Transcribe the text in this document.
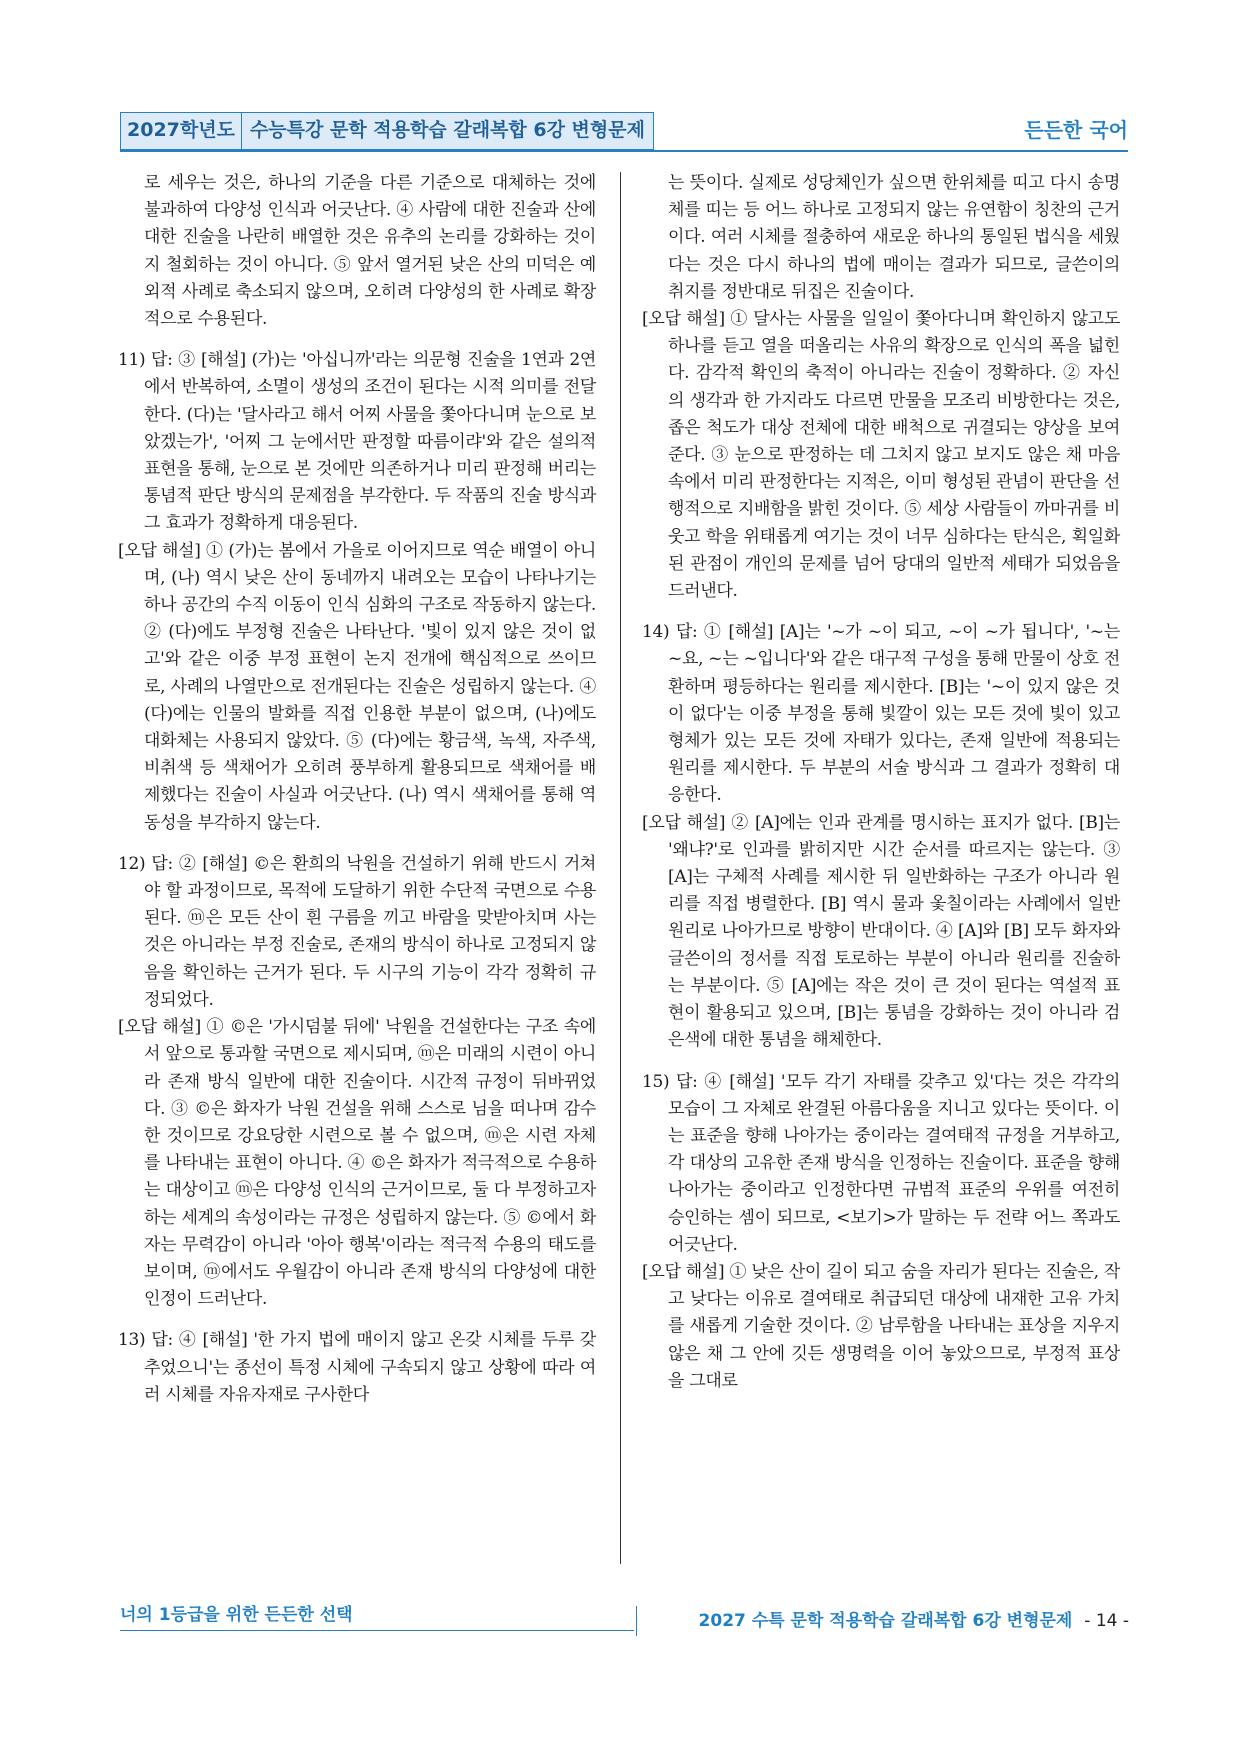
2027학년도 수능특강 문학 적용학습 갈래복합 6강 변형문제	든든한 국어

로 세우는 것은, 하나의 기준을 다른 기준으로 대체하는 것에 불과하여 다양성 인식과 어긋난다. ④ 사람에 대한 진술과 산에 대한 진술을 나란히 배열한 것은 유추의 논리를 강화하는 것이지 철회하는 것이 아니다. ⑤ 앞서 열거된 낮은 산의 미덕은 예외적 사례로 축소되지 않으며, 오히려 다양성의 한 사례로 확장적으로 수용된다.

11) 답: ③ [해설] (가)는 '아십니까'라는 의문형 진술을 1연과 2연에서 반복하여, 소멸이 생성의 조건이 된다는 시적 의미를 전달한다. (다)는 '달사라고 해서 어찌 사물을 쫓아다니며 눈으로 보았겠는가', '어찌 그 눈에서만 판정할 따름이랴'와 같은 설의적 표현을 통해, 눈으로 본 것에만 의존하거나 미리 판정해 버리는 통념적 판단 방식의 문제점을 부각한다. 두 작품의 진술 방식과 그 효과가 정확하게 대응된다.

[오답 해설] ① (가)는 봄에서 가을로 이어지므로 역순 배열이 아니며, (나) 역시 낮은 산이 동네까지 내려오는 모습이 나타나기는 하나 공간의 수직 이동이 인식 심화의 구조로 작동하지 않는다. ② (다)에도 부정형 진술은 나타난다. '빛이 있지 않은 것이 없고'와 같은 이중 부정 표현이 논지 전개에 핵심적으로 쓰이므로, 사례의 나열만으로 전개된다는 진술은 성립하지 않는다. ④ (다)에는 인물의 발화를 직접 인용한 부분이 없으며, (나)에도 대화체는 사용되지 않았다. ⑤ (다)에는 황금색, 녹색, 자주색, 비취색 등 색채어가 오히려 풍부하게 활용되므로 색채어를 배제했다는 진술이 사실과 어긋난다. (나) 역시 색채어를 통해 역동성을 부각하지 않는다.

12) 답: ② [해설] ©은 환희의 낙원을 건설하기 위해 반드시 거쳐야 할 과정이므로, 목적에 도달하기 위한 수단적 국면으로 수용된다. ⓜ은 모든 산이 흰 구름을 끼고 바람을 맞받아치며 사는 것은 아니라는 부정 진술로, 존재의 방식이 하나로 고정되지 않음을 확인하는 근거가 된다. 두 시구의 기능이 각각 정확히 규정되었다.

[오답 해설] ① ©은 '가시덤불 뒤에' 낙원을 건설한다는 구조 속에서 앞으로 통과할 국면으로 제시되며, ⓜ은 미래의 시련이 아니라 존재 방식 일반에 대한 진술이다. 시간적 규정이 뒤바뀌었다. ③ ©은 화자가 낙원 건설을 위해 스스로 님을 떠나며 감수한 것이므로 강요당한 시련으로 볼 수 없으며, ⓜ은 시련 자체를 나타내는 표현이 아니다. ④ ©은 화자가 적극적으로 수용하는 대상이고 ⓜ은 다양성 인식의 근거이므로, 둘 다 부정하고자 하는 세계의 속성이라는 규정은 성립하지 않는다. ⑤ ©에서 화자는 무력감이 아니라 '아아 행복'이라는 적극적 수용의 태도를 보이며, ⓜ에서도 우월감이 아니라 존재 방식의 다양성에 대한 인정이 드러난다.

13) 답: ④ [해설] '한 가지 법에 매이지 않고 온갖 시체를 두루 갖추었으니'는 종선이 특정 시체에 구속되지 않고 상황에 따라 여러 시체를 자유자재로 구사한다

는 뜻이다. 실제로 성당체인가 싶으면 한위체를 띠고 다시 송명체를 띠는 등 어느 하나로 고정되지 않는 유연함이 칭찬의 근거이다. 여러 시체를 절충하여 새로운 하나의 통일된 법식을 세웠다는 것은 다시 하나의 법에 매이는 결과가 되므로, 글쓴이의 취지를 정반대로 뒤집은 진술이다.

[오답 해설] ① 달사는 사물을 일일이 쫓아다니며 확인하지 않고도 하나를 듣고 열을 떠올리는 사유의 확장으로 인식의 폭을 넓힌다. 감각적 확인의 축적이 아니라는 진술이 정확하다. ② 자신의 생각과 한 가지라도 다르면 만물을 모조리 비방한다는 것은, 좁은 척도가 대상 전체에 대한 배척으로 귀결되는 양상을 보여 준다. ③ 눈으로 판정하는 데 그치지 않고 보지도 않은 채 마음속에서 미리 판정한다는 지적은, 이미 형성된 관념이 판단을 선행적으로 지배함을 밝힌 것이다. ⑤ 세상 사람들이 까마귀를 비웃고 학을 위태롭게 여기는 것이 너무 심하다는 탄식은, 획일화된 관점이 개인의 문제를 넘어 당대의 일반적 세태가 되었음을 드러낸다.

14) 답: ① [해설] [A]는 '~가 ~이 되고, ~이 ~가 됩니다', '~는 ~요, ~는 ~입니다'와 같은 대구적 구성을 통해 만물이 상호 전환하며 평등하다는 원리를 제시한다. [B]는 '~이 있지 않은 것이 없다'는 이중 부정을 통해 빛깔이 있는 모든 것에 빛이 있고 형체가 있는 모든 것에 자태가 있다는, 존재 일반에 적용되는 원리를 제시한다. 두 부분의 서술 방식과 그 결과가 정확히 대응한다.

[오답 해설] ② [A]에는 인과 관계를 명시하는 표지가 없다. [B]는 '왜냐?'로 인과를 밝히지만 시간 순서를 따르지는 않는다. ③ [A]는 구체적 사례를 제시한 뒤 일반화하는 구조가 아니라 원리를 직접 병렬한다. [B] 역시 물과 옻칠이라는 사례에서 일반 원리로 나아가므로 방향이 반대이다. ④ [A]와 [B] 모두 화자와 글쓴이의 정서를 직접 토로하는 부분이 아니라 원리를 진술하는 부분이다. ⑤ [A]에는 작은 것이 큰 것이 된다는 역설적 표현이 활용되고 있으며, [B]는 통념을 강화하는 것이 아니라 검은색에 대한 통념을 해체한다.

15) 답: ④ [해설] '모두 각기 자태를 갖추고 있'다는 것은 각각의 모습이 그 자체로 완결된 아름다움을 지니고 있다는 뜻이다. 이는 표준을 향해 나아가는 중이라는 결여태적 규정을 거부하고, 각 대상의 고유한 존재 방식을 인정하는 진술이다. 표준을 향해 나아가는 중이라고 인정한다면 규범적 표준의 우위를 여전히 승인하는 셈이 되므로, <보기>가 말하는 두 전략 어느 쪽과도 어긋난다.

[오답 해설] ① 낮은 산이 길이 되고 숨을 자리가 된다는 진술은, 작고 낮다는 이유로 결여태로 취급되던 대상에 내재한 고유 가치를 새롭게 기술한 것이다. ② 남루함을 나타내는 표상을 지우지 않은 채 그 안에 깃든 생명력을 이어 놓았으므로, 부정적 표상을 그대로

너의 1등급을 위한 든든한 선택	2027 수특 문학 적용학습 갈래복합 6강 변형문제 - 14 -
